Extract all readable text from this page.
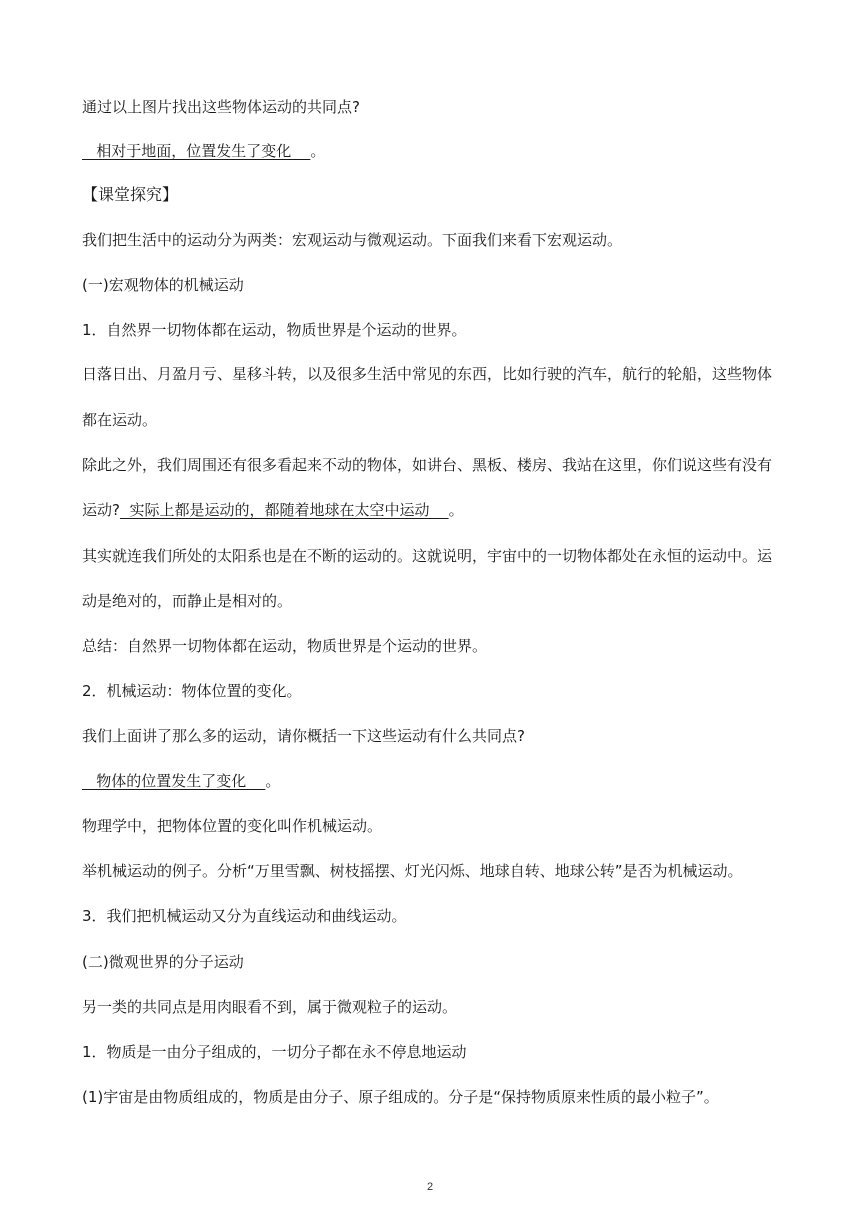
通过以上图片找出这些物体运动的共同点?
相对于地面，位置发生了变化    。
【课堂探究】
我们把生活中的运动分为两类：宏观运动与微观运动。下面我们来看下宏观运动。
(一)宏观物体的机械运动
1．自然界一切物体都在运动，物质世界是个运动的世界。
日落日出、月盈月亏、星移斗转，以及很多生活中常见的东西，比如行驶的汽车，航行的轮船，这些物体
都在运动。
除此之外，我们周围还有很多看起来不动的物体，如讲台、黑板、楼房、我站在这里，你们说这些有没有
运动?  实际上都是运动的，都随着地球在太空中运动    。
其实就连我们所处的太阳系也是在不断的运动的。这就说明，宇宙中的一切物体都处在永恒的运动中。运
动是绝对的，而静止是相对的。
总结：自然界一切物体都在运动，物质世界是个运动的世界。
2．机械运动：物体位置的变化。
我们上面讲了那么多的运动，请你概括一下这些运动有什么共同点?
物体的位置发生了变化    。
物理学中，把物体位置的变化叫作机械运动。
举机械运动的例子。分析“万里雪飘、树枝摇摆、灯光闪烁、地球自转、地球公转”是否为机械运动。
3．我们把机械运动又分为直线运动和曲线运动。
(二)微观世界的分子运动
另一类的共同点是用肉眼看不到，属于微观粒子的运动。
1．物质是一由分子组成的，一切分子都在永不停息地运动
(1)宇宙是由物质组成的，物质是由分子、原子组成的。分子是“保持物质原来性质的最小粒子”。
2
